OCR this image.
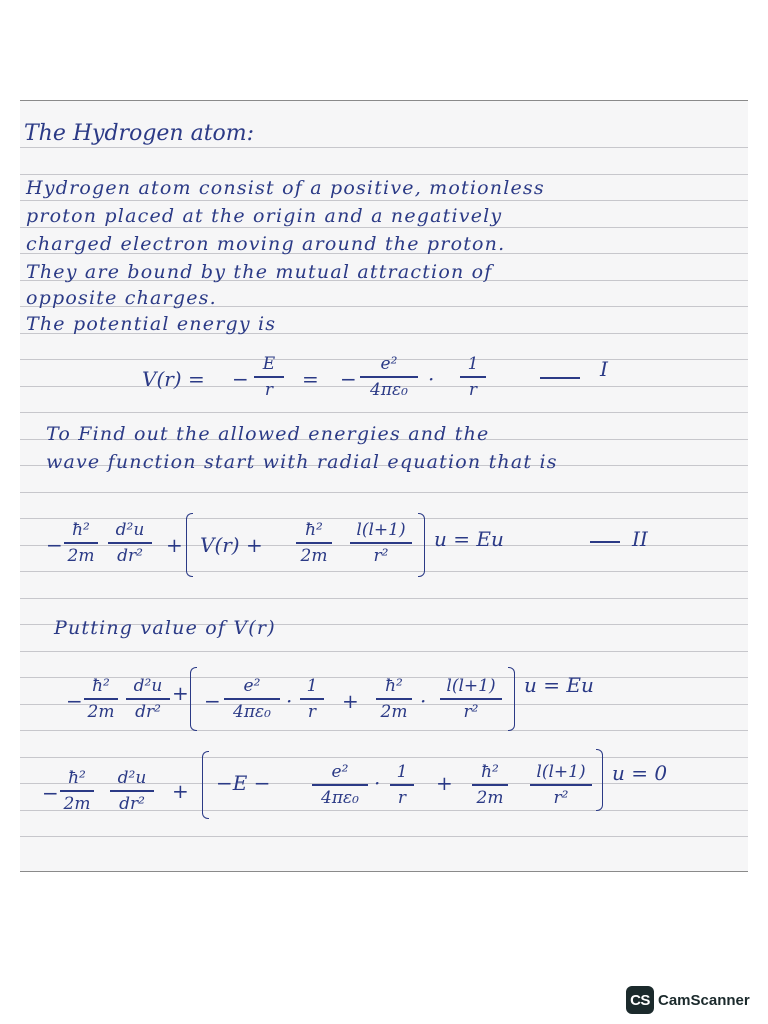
The Hydrogen atom:
Hydrogen atom consist of a positive, motionless
proton placed at the origin and a negatively
charged electron moving around the proton.
They are bound by the mutual attraction of
opposite charges.
The potential energy is
V(r) = −
E
r	= −
e²
4πε₀	·
1
r
I
To Find out the allowed energies and the
wave function start with radial equation that is
−
ħ²
2m
d²u
dr²	+ V(r) +
ħ²
2m
l(l+1)
r²
u = Eu	II
Putting value of V(r)
−
ħ²
2m
d²u
dr²
+ −
e²
4πε₀ ·
1
r	+
ħ²
2m ·
l(l+1)
r²
u = Eu
−
ħ²
2m
d²u
dr²
+ −E −	e²
4πε₀
· 1
r
+	ħ²
2m
l(l+1)
r²
u = 0
CS CamScanner
